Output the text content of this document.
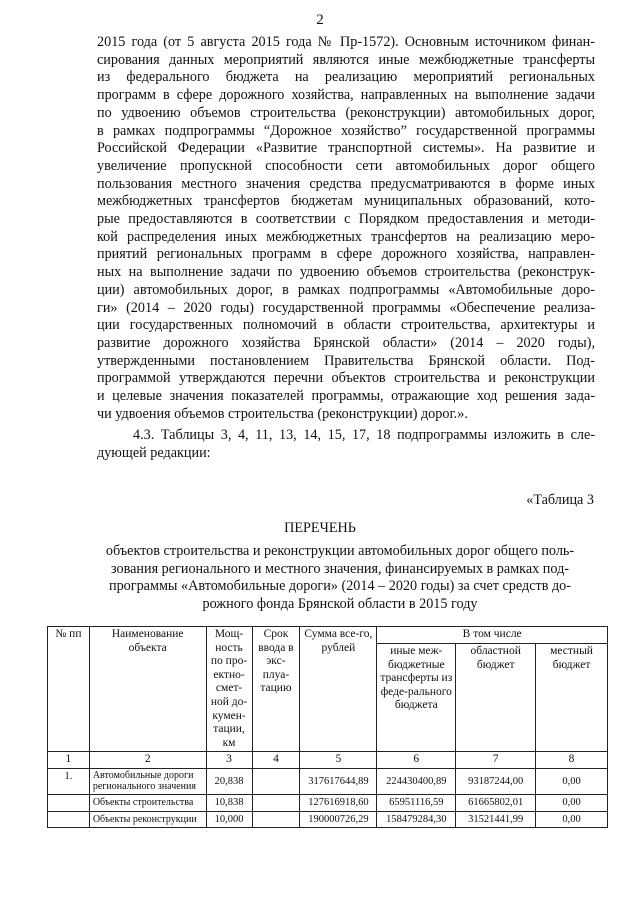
2
2015 года (от 5 августа 2015 года № Пр-1572). Основным источником финан-
сирования данных мероприятий являются иные межбюджетные трансферты
из федерального бюджета на реализацию мероприятий региональных
программ в сфере дорожного хозяйства, направленных на выполнение задачи
по удвоению объемов строительства (реконструкции) автомобильных дорог,
в рамках подпрограммы “Дорожное хозяйство” государственной программы
Российской Федерации «Развитие транспортной системы». На развитие и
увеличение пропускной способности сети автомобильных дорог общего
пользования местного значения средства предусматриваются в форме иных
межбюджетных трансфертов бюджетам муниципальных образований, кото-
рые предоставляются в соответствии с Порядком предоставления и методи-
кой распределения иных межбюджетных трансфертов на реализацию меро-
приятий региональных программ в сфере дорожного хозяйства, направлен-
ных на выполнение задачи по удвоению объемов строительства (реконструк-
ции) автомобильных дорог, в рамках подпрограммы «Автомобильные доро-
ги» (2014 – 2020 годы) государственной программы «Обеспечение реализа-
ции государственных полномочий в области строительства, архитектуры и
развитие дорожного хозяйства Брянской области» (2014 – 2020 годы),
утвержденными постановлением Правительства Брянской области. Под-
программой утверждаются перечни объектов строительства и реконструкции
и целевые значения показателей программы, отражающие ход решения зада-
чи удвоения объемов строительства (реконструкции) дорог.».
4.3. Таблицы 3, 4, 11, 13, 14, 15, 17, 18 подпрограммы изложить в сле-
дующей редакции:
«Таблица 3
ПЕРЕЧЕНЬ
объектов строительства и реконструкции автомобильных дорог общего поль-
зования регионального и местного значения, финансируемых в рамках под-
программы «Автомобильные дороги» (2014 – 2020 годы) за счет средств до-
рожного фонда Брянской области в 2015 году
№ пп	Наименование объекта	Мощ-ность по про-ектно-смет-ной до-кумен-тации, км	Срок ввода в экс-плуа-тацию	Сумма все-го, рублей	В том числе		
					иные меж-бюджетные трансферты из феде-рального бюджета	областной бюджет	местный бюджет
1	2	3	4	5	6	7	8
1.	Автомобильные дороги регионального значения	20,838		317617644,89	224430400,89	93187244,00	0,00
	Объекты строительства	10,838		127616918,60	65951116,59	61665802,01	0,00
	Объекты реконструкции	10,000		190000726,29	158479284,30	31521441,99	0,00
